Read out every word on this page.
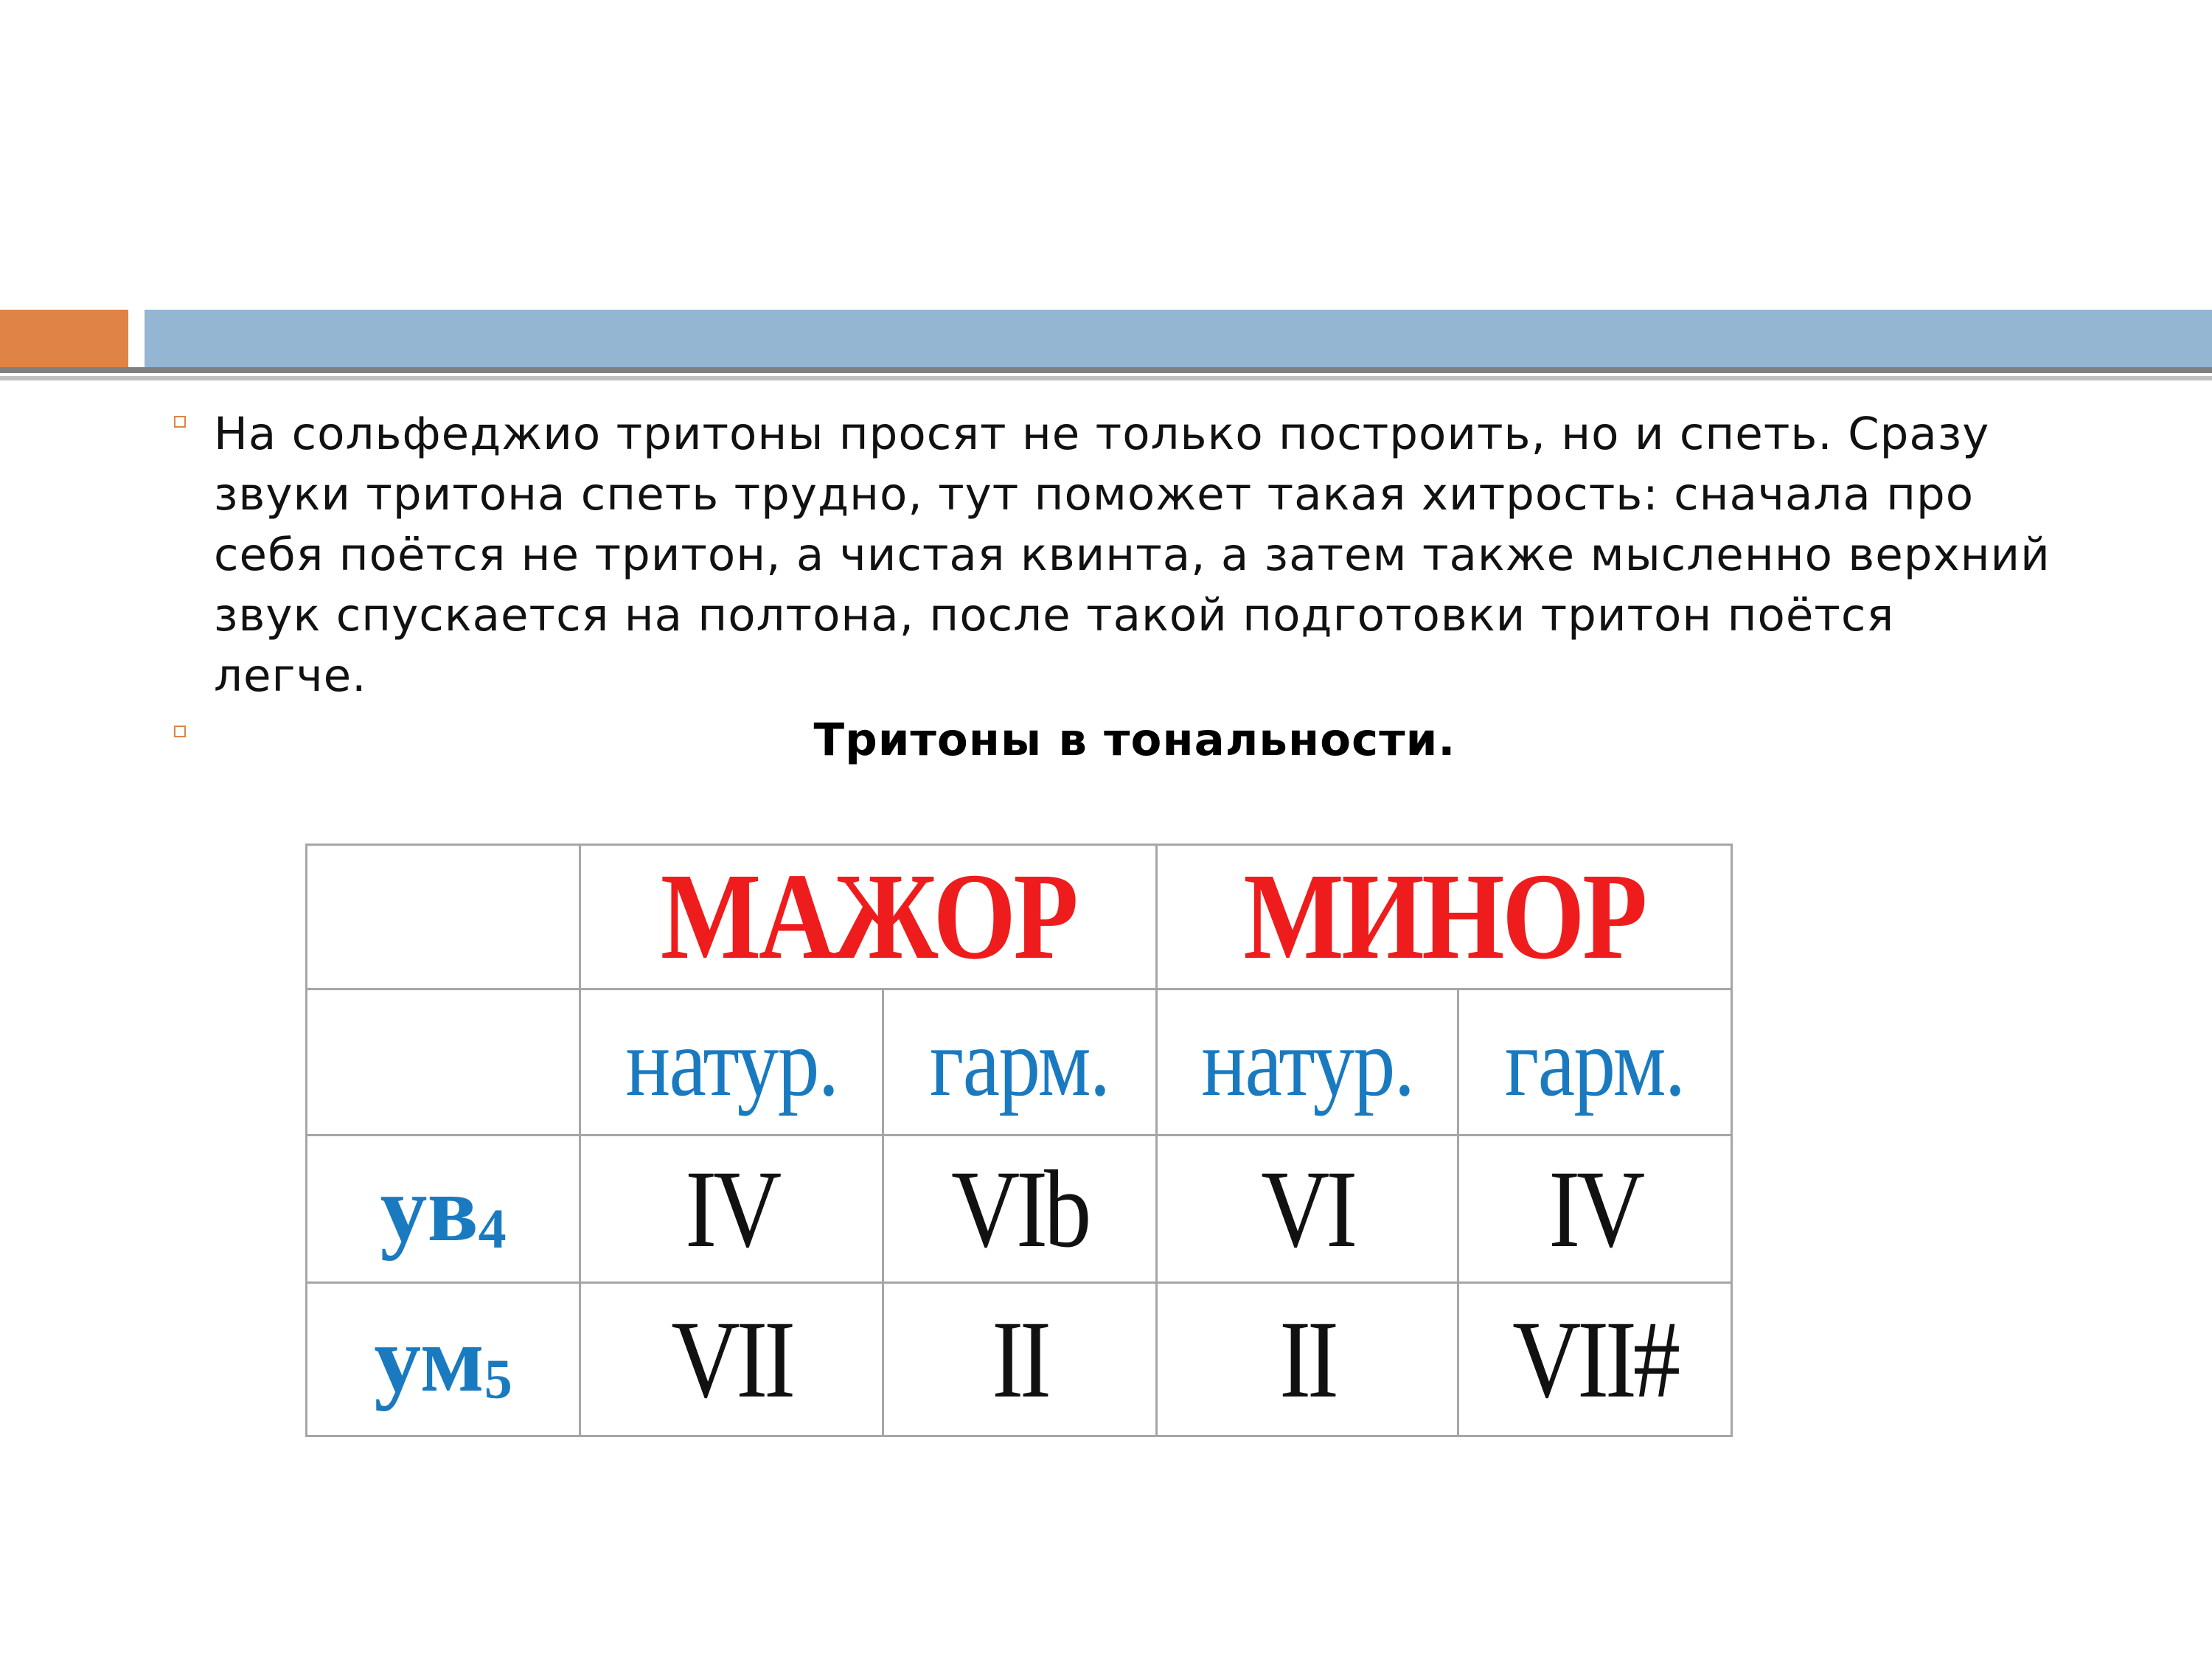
На сольфеджио тритоны просят не только построить, но и спеть. Сразу звуки тритона спеть трудно, тут поможет такая хитрость: сначала про себя поётся не тритон, а чистая квинта, а затем также мысленно верхний звук спускается на полтона, после такой подготовки тритон поётся легче.
Тритоны в тональности.
	МАЖОР		МИНОР	
	натур.	гарм.	натур.	гарм.
$ув_4$	IV	VIb	VI	IV
$ум_5$	VII	II	II	VII#
